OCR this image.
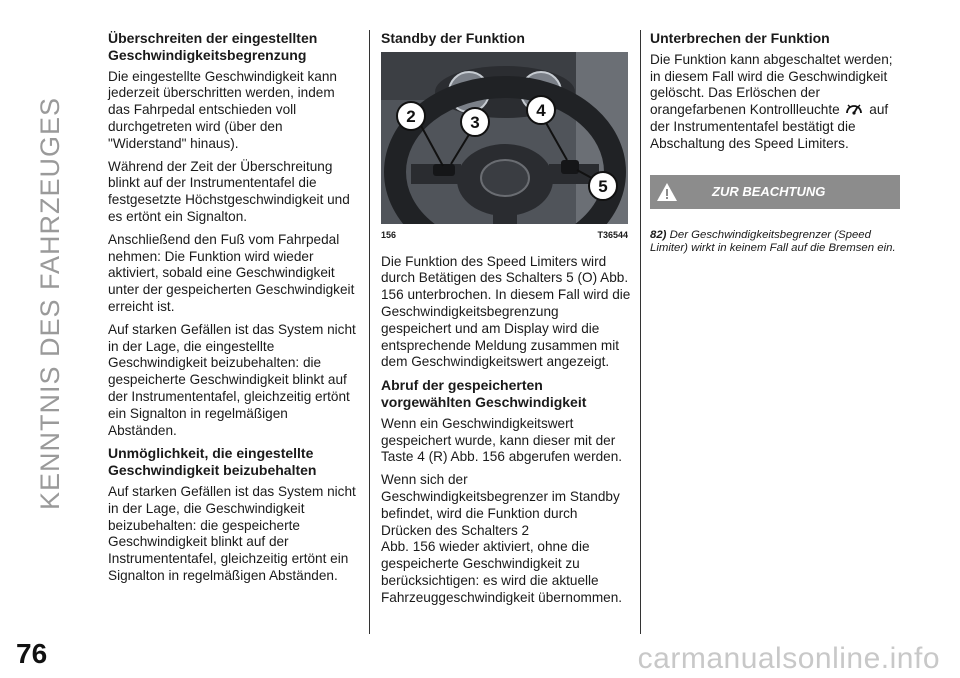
KENNTNIS DES FAHRZEUGES
Überschreiten der eingestellten Geschwindigkeitsbegrenzung

Die eingestellte Geschwindigkeit kann jederzeit überschritten werden, indem das Fahrpedal entschieden voll durchgetreten wird (über den "Widerstand" hinaus).

Während der Zeit der Überschreitung blinkt auf der Instrumententafel die festgesetzte Höchstgeschwindigkeit und es ertönt ein Signalton.

Anschließend den Fuß vom Fahrpedal nehmen: Die Funktion wird wieder aktiviert, sobald eine Geschwindigkeit unter der gespeicherten Geschwindigkeit erreicht ist.

Auf starken Gefällen ist das System nicht in der Lage, die eingestellte Geschwindigkeit beizubehalten: die gespeicherte Geschwindigkeit blinkt auf der Instrumententafel, gleichzeitig ertönt ein Signalton in regelmäßigen Abständen.

Unmöglichkeit, die eingestellte Geschwindigkeit beizubehalten

Auf starken Gefällen ist das System nicht in der Lage, die Geschwindigkeit beizubehalten: die gespeicherte Geschwindigkeit blinkt auf der Instrumententafel, gleichzeitig ertönt ein Signalton in regelmäßigen Abständen.

Standby der Funktion
888
2	3
4
5
156	T36544

Die Funktion des Speed Limiters wird durch Betätigen des Schalters 5 (O) Abb. 156 unterbrochen. In diesem Fall wird die Geschwindigkeitsbegrenzung gespeichert und am Display wird die entsprechende Meldung zusammen mit dem Geschwindigkeitswert angezeigt.

Abruf der gespeicherten vorgewählten Geschwindigkeit

Wenn ein Geschwindigkeitswert gespeichert wurde, kann dieser mit der Taste 4 (R) Abb. 156 abgerufen werden.

Wenn sich der Geschwindigkeitsbegrenzer im Standby befindet, wird die Funktion durch Drücken des Schalters 2
Abb. 156 wieder aktiviert, ohne die gespeicherte Geschwindigkeit zu berücksichtigen: es wird die aktuelle Fahrzeuggeschwindigkeit übernommen.

Unterbrechen der Funktion

Die Funktion kann abgeschaltet werden; in diesem Fall wird die Geschwindigkeit gelöscht. Das Erlöschen der orangefarbenen Kontrollleuchte auf der Instrumententafel bestätigt die Abschaltung des Speed Limiters.

ZUR BEACHTUNG
82) Der Geschwindigkeitsbegrenzer (Speed Limiter) wirkt in keinem Fall auf die Bremsen ein.
76	carmanualsonline.info
